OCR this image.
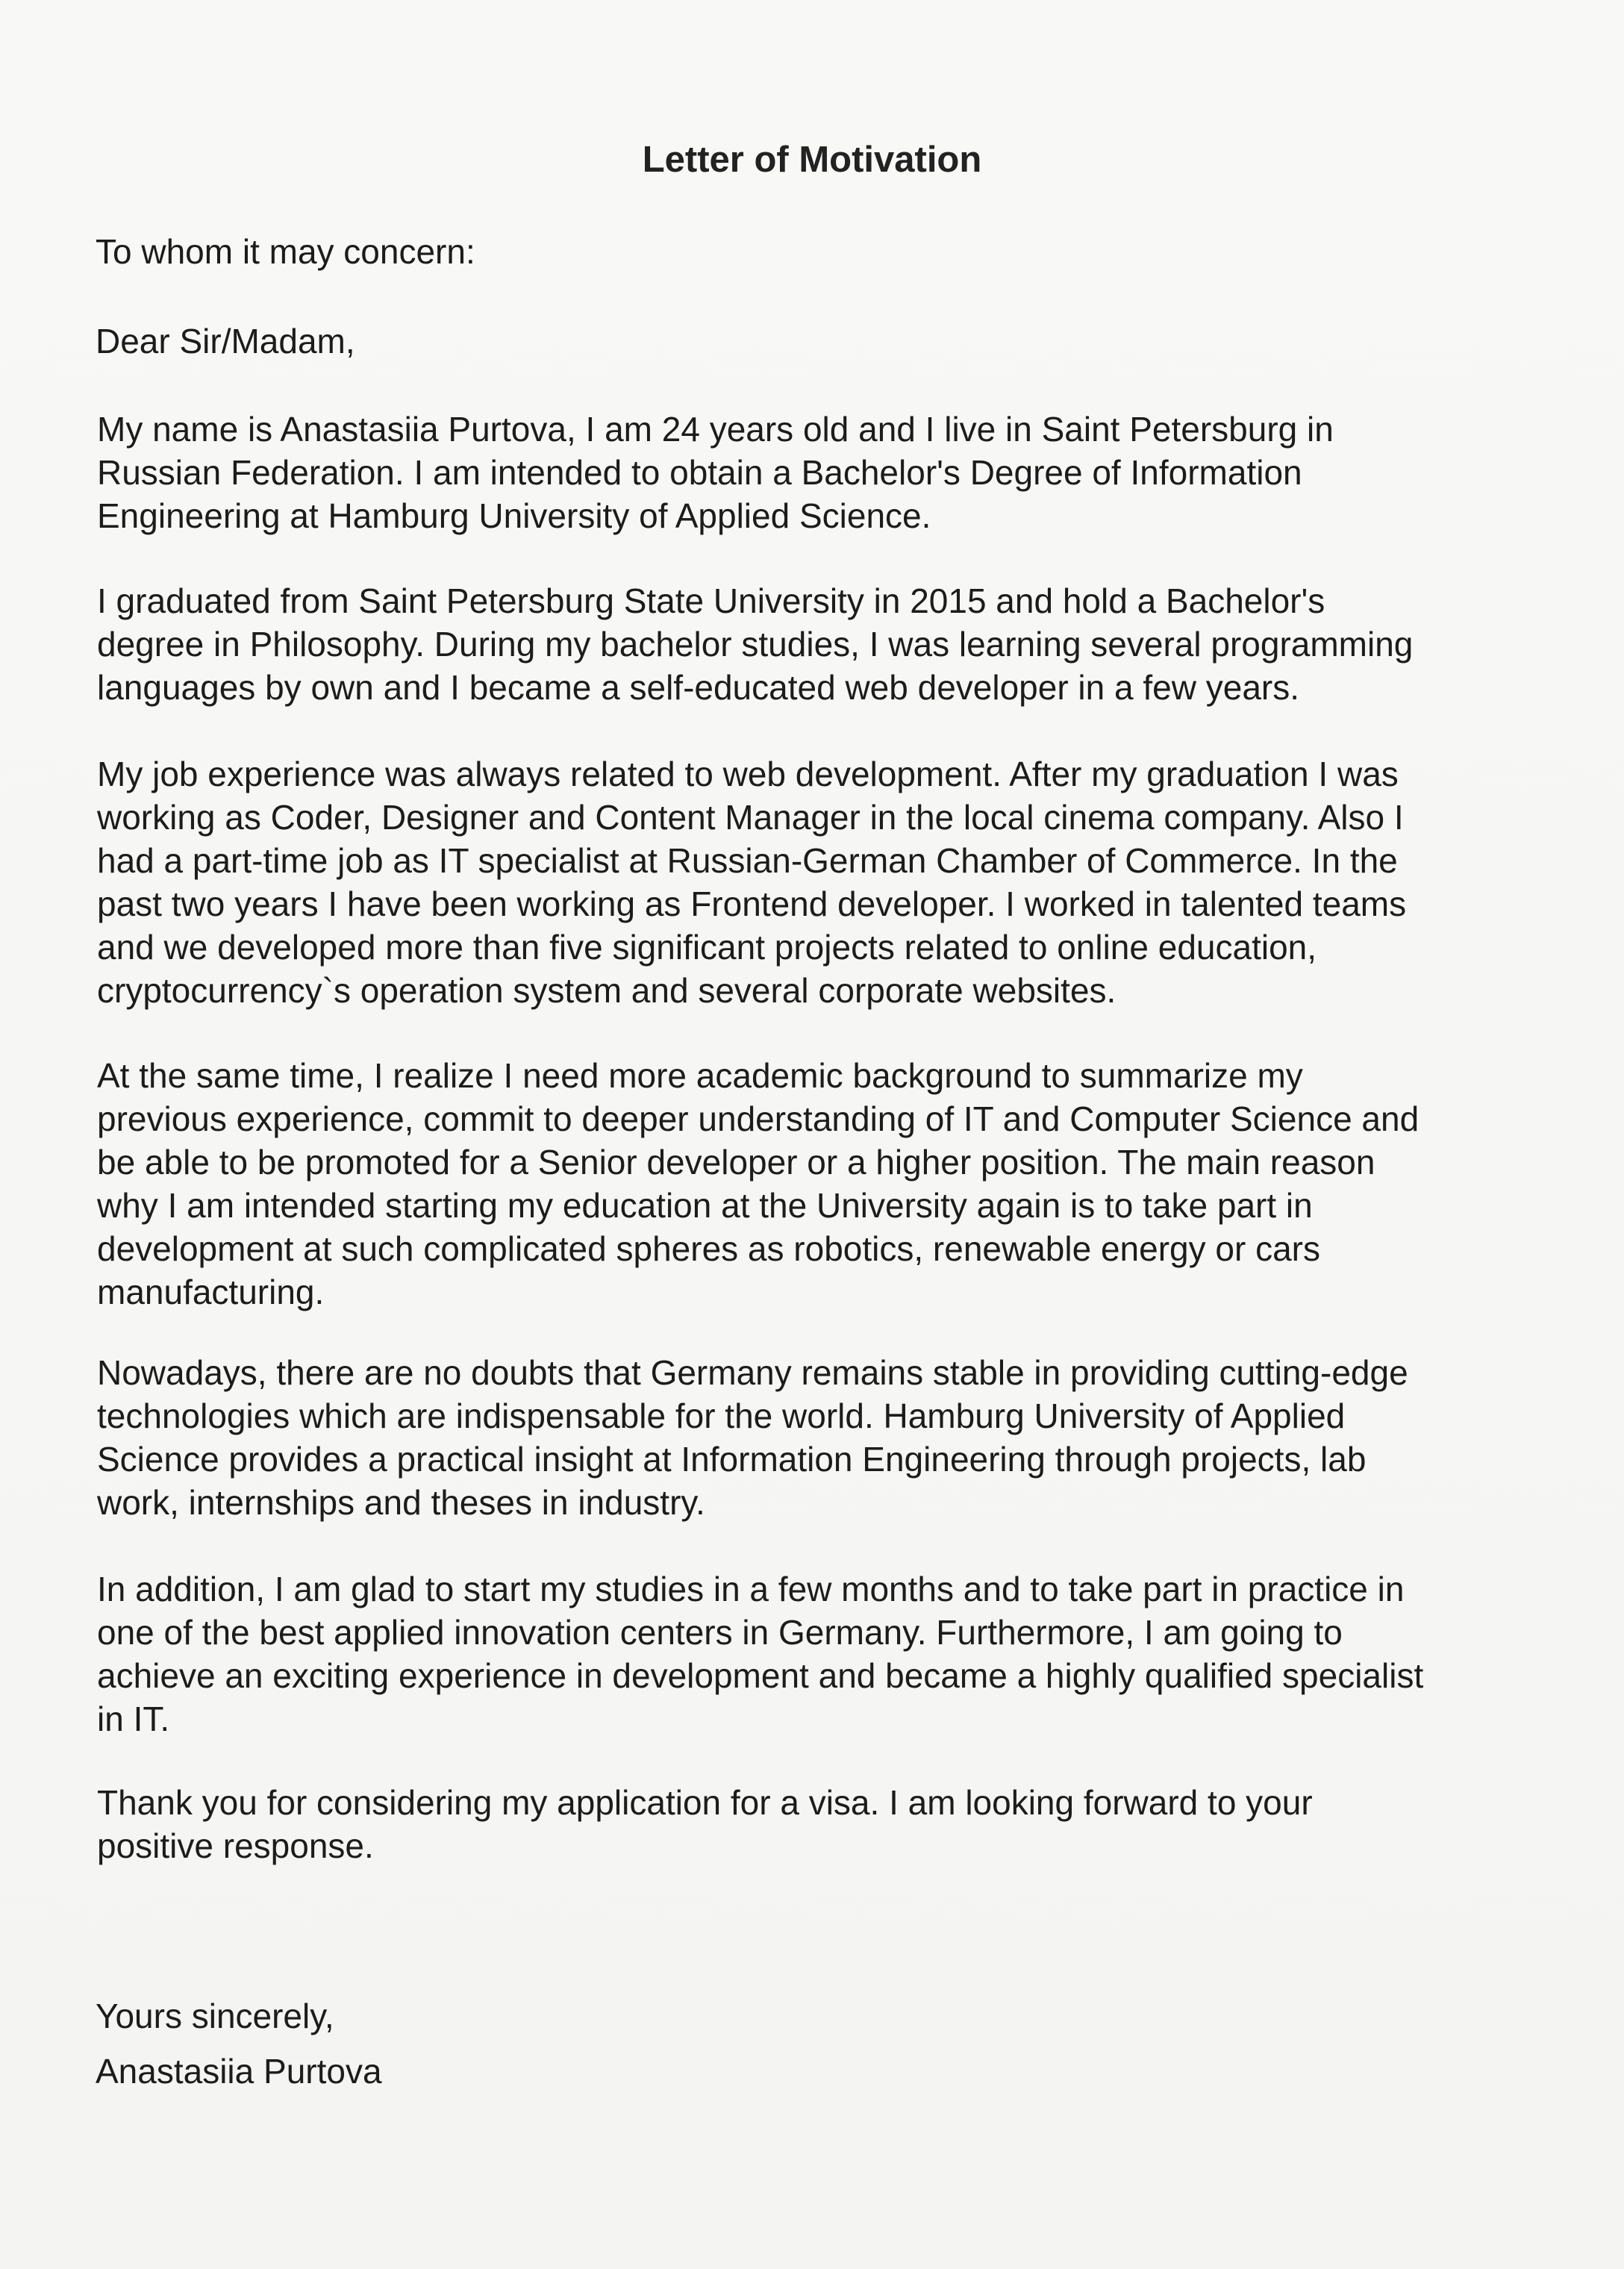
Letter of Motivation
To whom it may concern:
Dear Sir/Madam,
My name is Anastasiia Purtova, I am 24 years old and I live in Saint Petersburg in
Russian Federation. I am intended to obtain a Bachelor's Degree of Information
Engineering at Hamburg University of Applied Science.
I graduated from Saint Petersburg State University in 2015 and hold a Bachelor's
degree in Philosophy. During my bachelor studies, I was learning several programming
languages by own and I became a self-educated web developer in a few years.
My job experience was always related to web development. After my graduation I was
working as Coder, Designer and Content Manager in the local cinema company. Also I
had a part-time job as IT specialist at Russian-German Chamber of Commerce. In the
past two years I have been working as Frontend developer. I worked in talented teams
and we developed more than five significant projects related to online education,
cryptocurrency`s operation system and several corporate websites.
At the same time, I realize I need more academic background to summarize my
previous experience, commit to deeper understanding of IT and Computer Science and
be able to be promoted for a Senior developer or a higher position. The main reason
why I am intended starting my education at the University again is to take part in
development at such complicated spheres as robotics, renewable energy or cars
manufacturing.
Nowadays, there are no doubts that Germany remains stable in providing cutting-edge
technologies which are indispensable for the world. Hamburg University of Applied
Science provides a practical insight at Information Engineering through projects, lab
work, internships and theses in industry.
In addition, I am glad to start my studies in a few months and to take part in practice in
one of the best applied innovation centers in Germany. Furthermore, I am going to
achieve an exciting experience in development and became a highly qualified specialist
in IT.
Thank you for considering my application for a visa. I am looking forward to your
positive response.
Yours sincerely,
Anastasiia Purtova
